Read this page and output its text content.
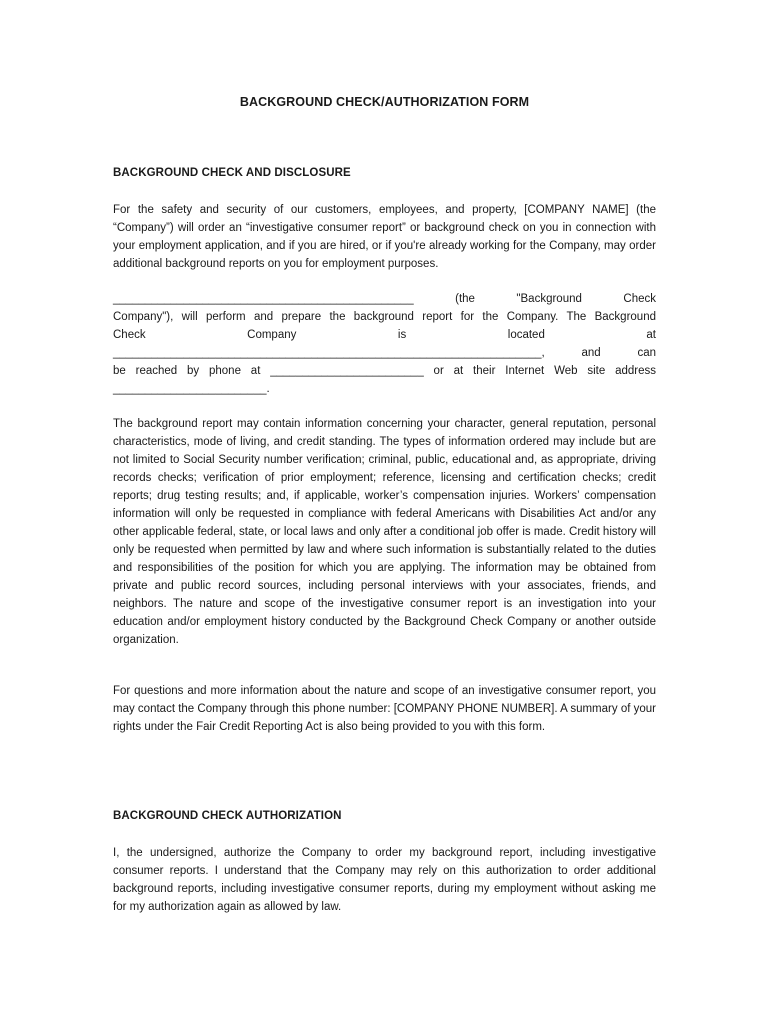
BACKGROUND CHECK/AUTHORIZATION FORM
BACKGROUND CHECK AND DISCLOSURE

For the safety and security of our customers, employees, and property, [COMPANY NAME] (the “Company”) will order an “investigative consumer report” or background check on you in connection with your employment application, and if you are hired, or if you're already working for the Company, may order additional background reports on you for employment purposes.

_______________________________________________ (the "Background Check
Company"), will perform and prepare the background report for the Company. The Background
Check Company is located at
___________________________________________________________________, and can
be reached by phone at ________________________ or at their Internet Web site address
________________________.

The background report may contain information concerning your character, general reputation, personal characteristics, mode of living, and credit standing. The types of information ordered may include but are not limited to Social Security number verification; criminal, public, educational and, as appropriate, driving records checks; verification of prior employment; reference, licensing and certification checks; credit reports; drug testing results; and, if applicable, worker’s compensation injuries. Workers’ compensation information will only be requested in compliance with federal Americans with Disabilities Act and/or any other applicable federal, state, or local laws and only after a conditional job offer is made. Credit history will only be requested when permitted by law and where such information is substantially related to the duties and responsibilities of the position for which you are applying. The information may be obtained from private and public record sources, including personal interviews with your associates, friends, and neighbors. The nature and scope of the investigative consumer report is an investigation into your education and/or employment history conducted by the Background Check Company or another outside organization.

For questions and more information about the nature and scope of an investigative consumer report, you may contact the Company through this phone number: [COMPANY PHONE NUMBER]. A summary of your rights under the Fair Credit Reporting Act is also being provided to you with this form.

BACKGROUND CHECK AUTHORIZATION

I, the undersigned, authorize the Company to order my background report, including investigative consumer reports. I understand that the Company may rely on this authorization to order additional background reports, including investigative consumer reports, during my employment without asking me for my authorization again as allowed by law.
